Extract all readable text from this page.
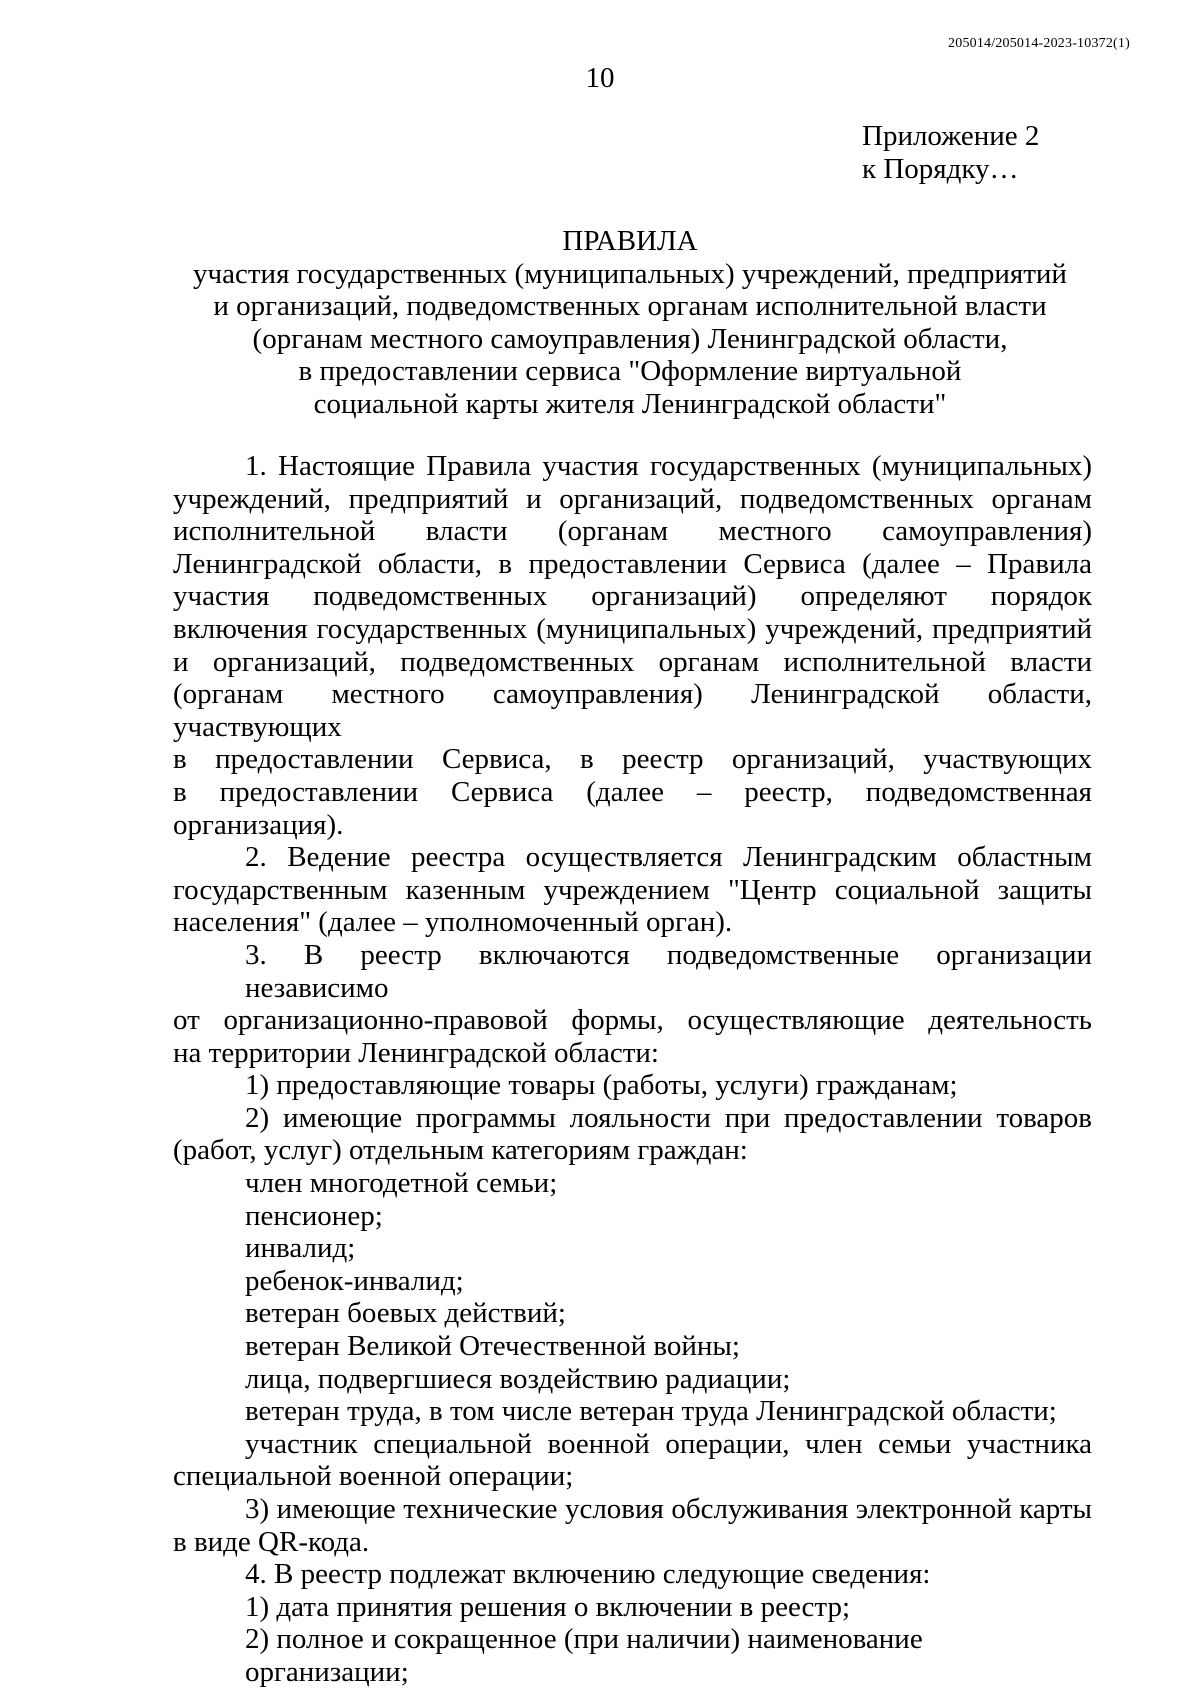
205014/205014-2023-10372(1)
10
Приложение 2
к Порядку…
ПРАВИЛА
участия государственных (муниципальных) учреждений, предприятий
и организаций, подведомственных органам исполнительной власти
(органам местного самоуправления) Ленинградской области,
в предоставлении сервиса "Оформление виртуальной
социальной карты жителя Ленинградской области"
1. Настоящие Правила участия государственных (муниципальных)
учреждений, предприятий и организаций, подведомственных органам
исполнительной власти (органам местного самоуправления)
Ленинградской области, в предоставлении Сервиса (далее – Правила
участия подведомственных организаций) определяют порядок
включения государственных (муниципальных) учреждений, предприятий
и организаций, подведомственных органам исполнительной власти
(органам местного самоуправления) Ленинградской области, участвующих
в предоставлении Сервиса, в реестр организаций, участвующих
в предоставлении Сервиса (далее – реестр, подведомственная
организация).
2. Ведение реестра осуществляется Ленинградским областным
государственным казенным учреждением "Центр социальной защиты
населения" (далее – уполномоченный орган).
3. В реестр включаются подведомственные организации независимо
от организационно-правовой формы, осуществляющие деятельность
на территории Ленинградской области:
1) предоставляющие товары (работы, услуги) гражданам;
2) имеющие программы лояльности при предоставлении товаров
(работ, услуг) отдельным категориям граждан:
член многодетной семьи;
пенсионер;
инвалид;
ребенок-инвалид;
ветеран боевых действий;
ветеран Великой Отечественной войны;
лица, подвергшиеся воздействию радиации;
ветеран труда, в том числе ветеран труда Ленинградской области;
участник специальной военной операции, член семьи участника
специальной военной операции;
3) имеющие технические условия обслуживания электронной карты
в виде QR-кода.
4. В реестр подлежат включению следующие сведения:
1) дата принятия решения о включении в реестр;
2) полное и сокращенное (при наличии) наименование организации;
